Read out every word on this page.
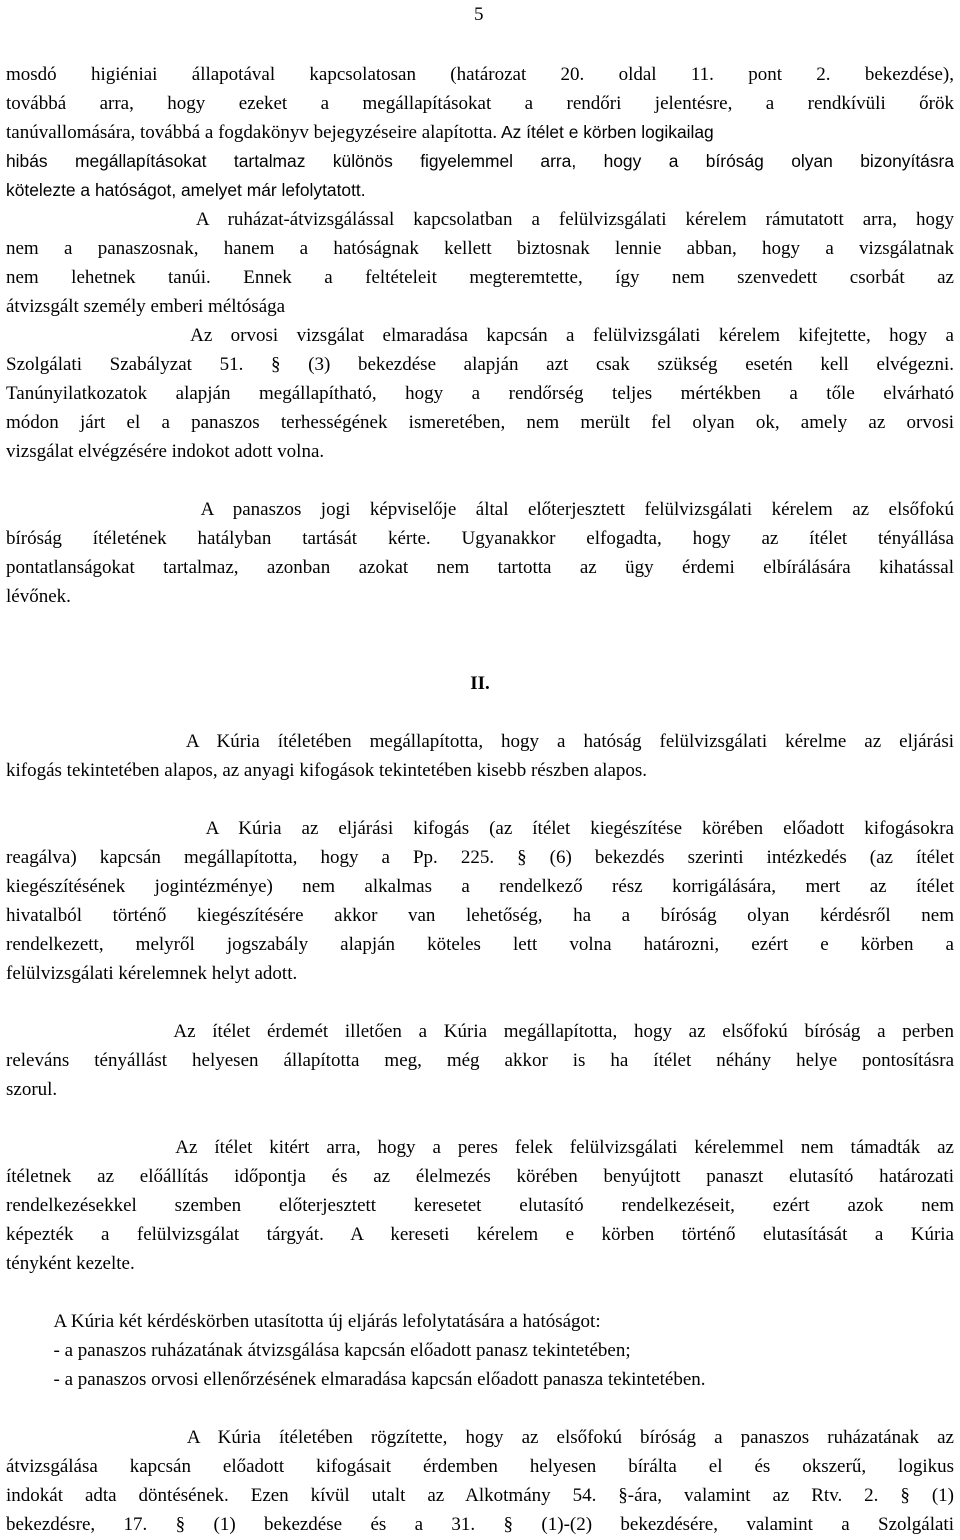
5
II.
mosdó higiéniai állapotával kapcsolatosan (határozat 20. oldal 11. pont 2. bekezdése),
továbbá arra, hogy ezeket a megállapításokat a rendőri jelentésre, a rendkívüli őrök
tanúvallomására, továbbá a fogdakönyv bejegyzéseire alapította. Az ítélet e körben logikailag
hibás megállapításokat tartalmaz különös figyelemmel arra, hogy a bíróság olyan bizonyításra
kötelezte a hatóságot, amelyet már lefolytatott.
A ruházat-átvizsgálással kapcsolatban a felülvizsgálati kérelem rámutatott arra, hogy
nem a panaszosnak, hanem a hatóságnak kellett biztosnak lennie abban, hogy a vizsgálatnak
nem lehetnek tanúi. Ennek a feltételeit megteremtette, így nem szenvedett csorbát az
átvizsgált személy emberi méltósága
Az orvosi vizsgálat elmaradása kapcsán a felülvizsgálati kérelem kifejtette, hogy a
Szolgálati Szabályzat 51. § (3) bekezdése alapján azt csak szükség esetén kell elvégezni.
Tanúnyilatkozatok alapján megállapítható, hogy a rendőrség teljes mértékben a tőle elvárható
módon járt el a panaszos terhességének ismeretében, nem merült fel olyan ok, amely az orvosi
vizsgálat elvégzésére indokot adott volna.
A panaszos jogi képviselője által előterjesztett felülvizsgálati kérelem az elsőfokú
bíróság ítéletének hatályban tartását kérte. Ugyanakkor elfogadta, hogy az ítélet tényállása
pontatlanságokat tartalmaz, azonban azokat nem tartotta az ügy érdemi elbírálására kihatással
lévőnek.
A Kúria ítéletében megállapította, hogy a hatóság felülvizsgálati kérelme az eljárási
kifogás tekintetében alapos, az anyagi kifogások tekintetében kisebb részben alapos.
A Kúria az eljárási kifogás (az ítélet kiegészítése körében előadott kifogásokra
reagálva) kapcsán megállapította, hogy a Pp. 225. § (6) bekezdés szerinti intézkedés (az ítélet
kiegészítésének jogintézménye) nem alkalmas a rendelkező rész korrigálására, mert az ítélet
hivatalból történő kiegészítésére akkor van lehetőség, ha a bíróság olyan kérdésről nem
rendelkezett, melyről jogszabály alapján köteles lett volna határozni, ezért e körben a
felülvizsgálati kérelemnek helyt adott.
Az ítélet érdemét illetően a Kúria megállapította, hogy az elsőfokú bíróság a perben
releváns tényállást helyesen állapította meg, még akkor is ha ítélet néhány helye pontosításra
szorul.
Az ítélet kitért arra, hogy a peres felek felülvizsgálati kérelemmel nem támadták az
ítéletnek az előállítás időpontja és az élelmezés körében benyújtott panaszt elutasító határozati
rendelkezésekkel szemben előterjesztett keresetet elutasító rendelkezéseit, ezért azok nem
képezték a felülvizsgálat tárgyát. A kereseti kérelem e körben történő elutasítását a Kúria
tényként kezelte.
A Kúria két kérdéskörben utasította új eljárás lefolytatására a hatóságot:
- a panaszos ruházatának átvizsgálása kapcsán előadott panasz tekintetében;
- a panaszos orvosi ellenőrzésének elmaradása kapcsán előadott panasza tekintetében.
A Kúria ítéletében rögzítette, hogy az elsőfokú bíróság a panaszos ruházatának az
átvizsgálása kapcsán előadott kifogásait érdemben helyesen bírálta el és okszerű, logikus
indokát adta döntésének. Ezen kívül utalt az Alkotmány 54. §-ára, valamint az Rtv. 2. § (1)
bekezdésre, 17. § (1) bekezdése és a 31. § (1)-(2) bekezdésére, valamint a Szolgálati
